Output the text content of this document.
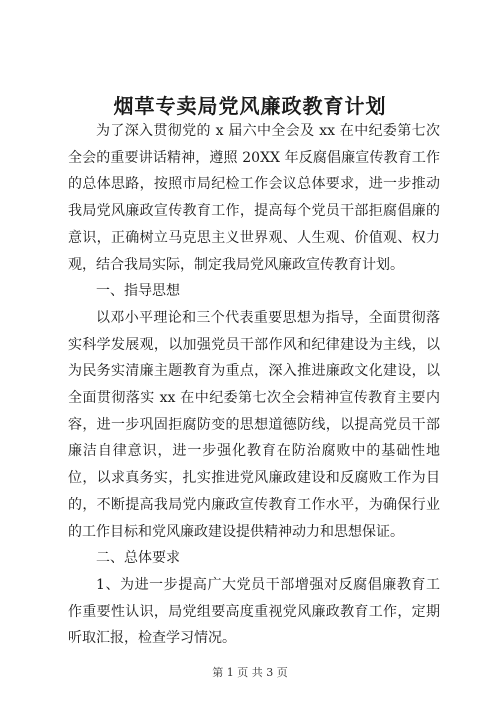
烟草专卖局党风廉政教育计划

为了深入贯彻党的 x 届六中全会及 xx 在中纪委第七次全会的重要讲话精神，遵照 20XX 年反腐倡廉宣传教育工作的总体思路，按照市局纪检工作会议总体要求，进一步推动我局党风廉政宣传教育工作，提高每个党员干部拒腐倡廉的意识，正确树立马克思主义世界观、人生观、价值观、权力观，结合我局实际，制定我局党风廉政宣传教育计划。

一、指导思想

以邓小平理论和三个代表重要思想为指导，全面贯彻落实科学发展观，以加强党员干部作风和纪律建设为主线，以为民务实清廉主题教育为重点，深入推进廉政文化建设，以全面贯彻落实 xx 在中纪委第七次全会精神宣传教育主要内容，进一步巩固拒腐防变的思想道德防线，以提高党员干部廉洁自律意识，进一步强化教育在防治腐败中的基础性地位，以求真务实，扎实推进党风廉政建设和反腐败工作为目的，不断提高我局党内廉政宣传教育工作水平，为确保行业的工作目标和党风廉政建设提供精神动力和思想保证。

二、总体要求

1、为进一步提高广大党员干部增强对反腐倡廉教育工作重要性认识，局党组要高度重视党风廉政教育工作，定期听取汇报，检查学习情况。

第 1 页 共 3 页
